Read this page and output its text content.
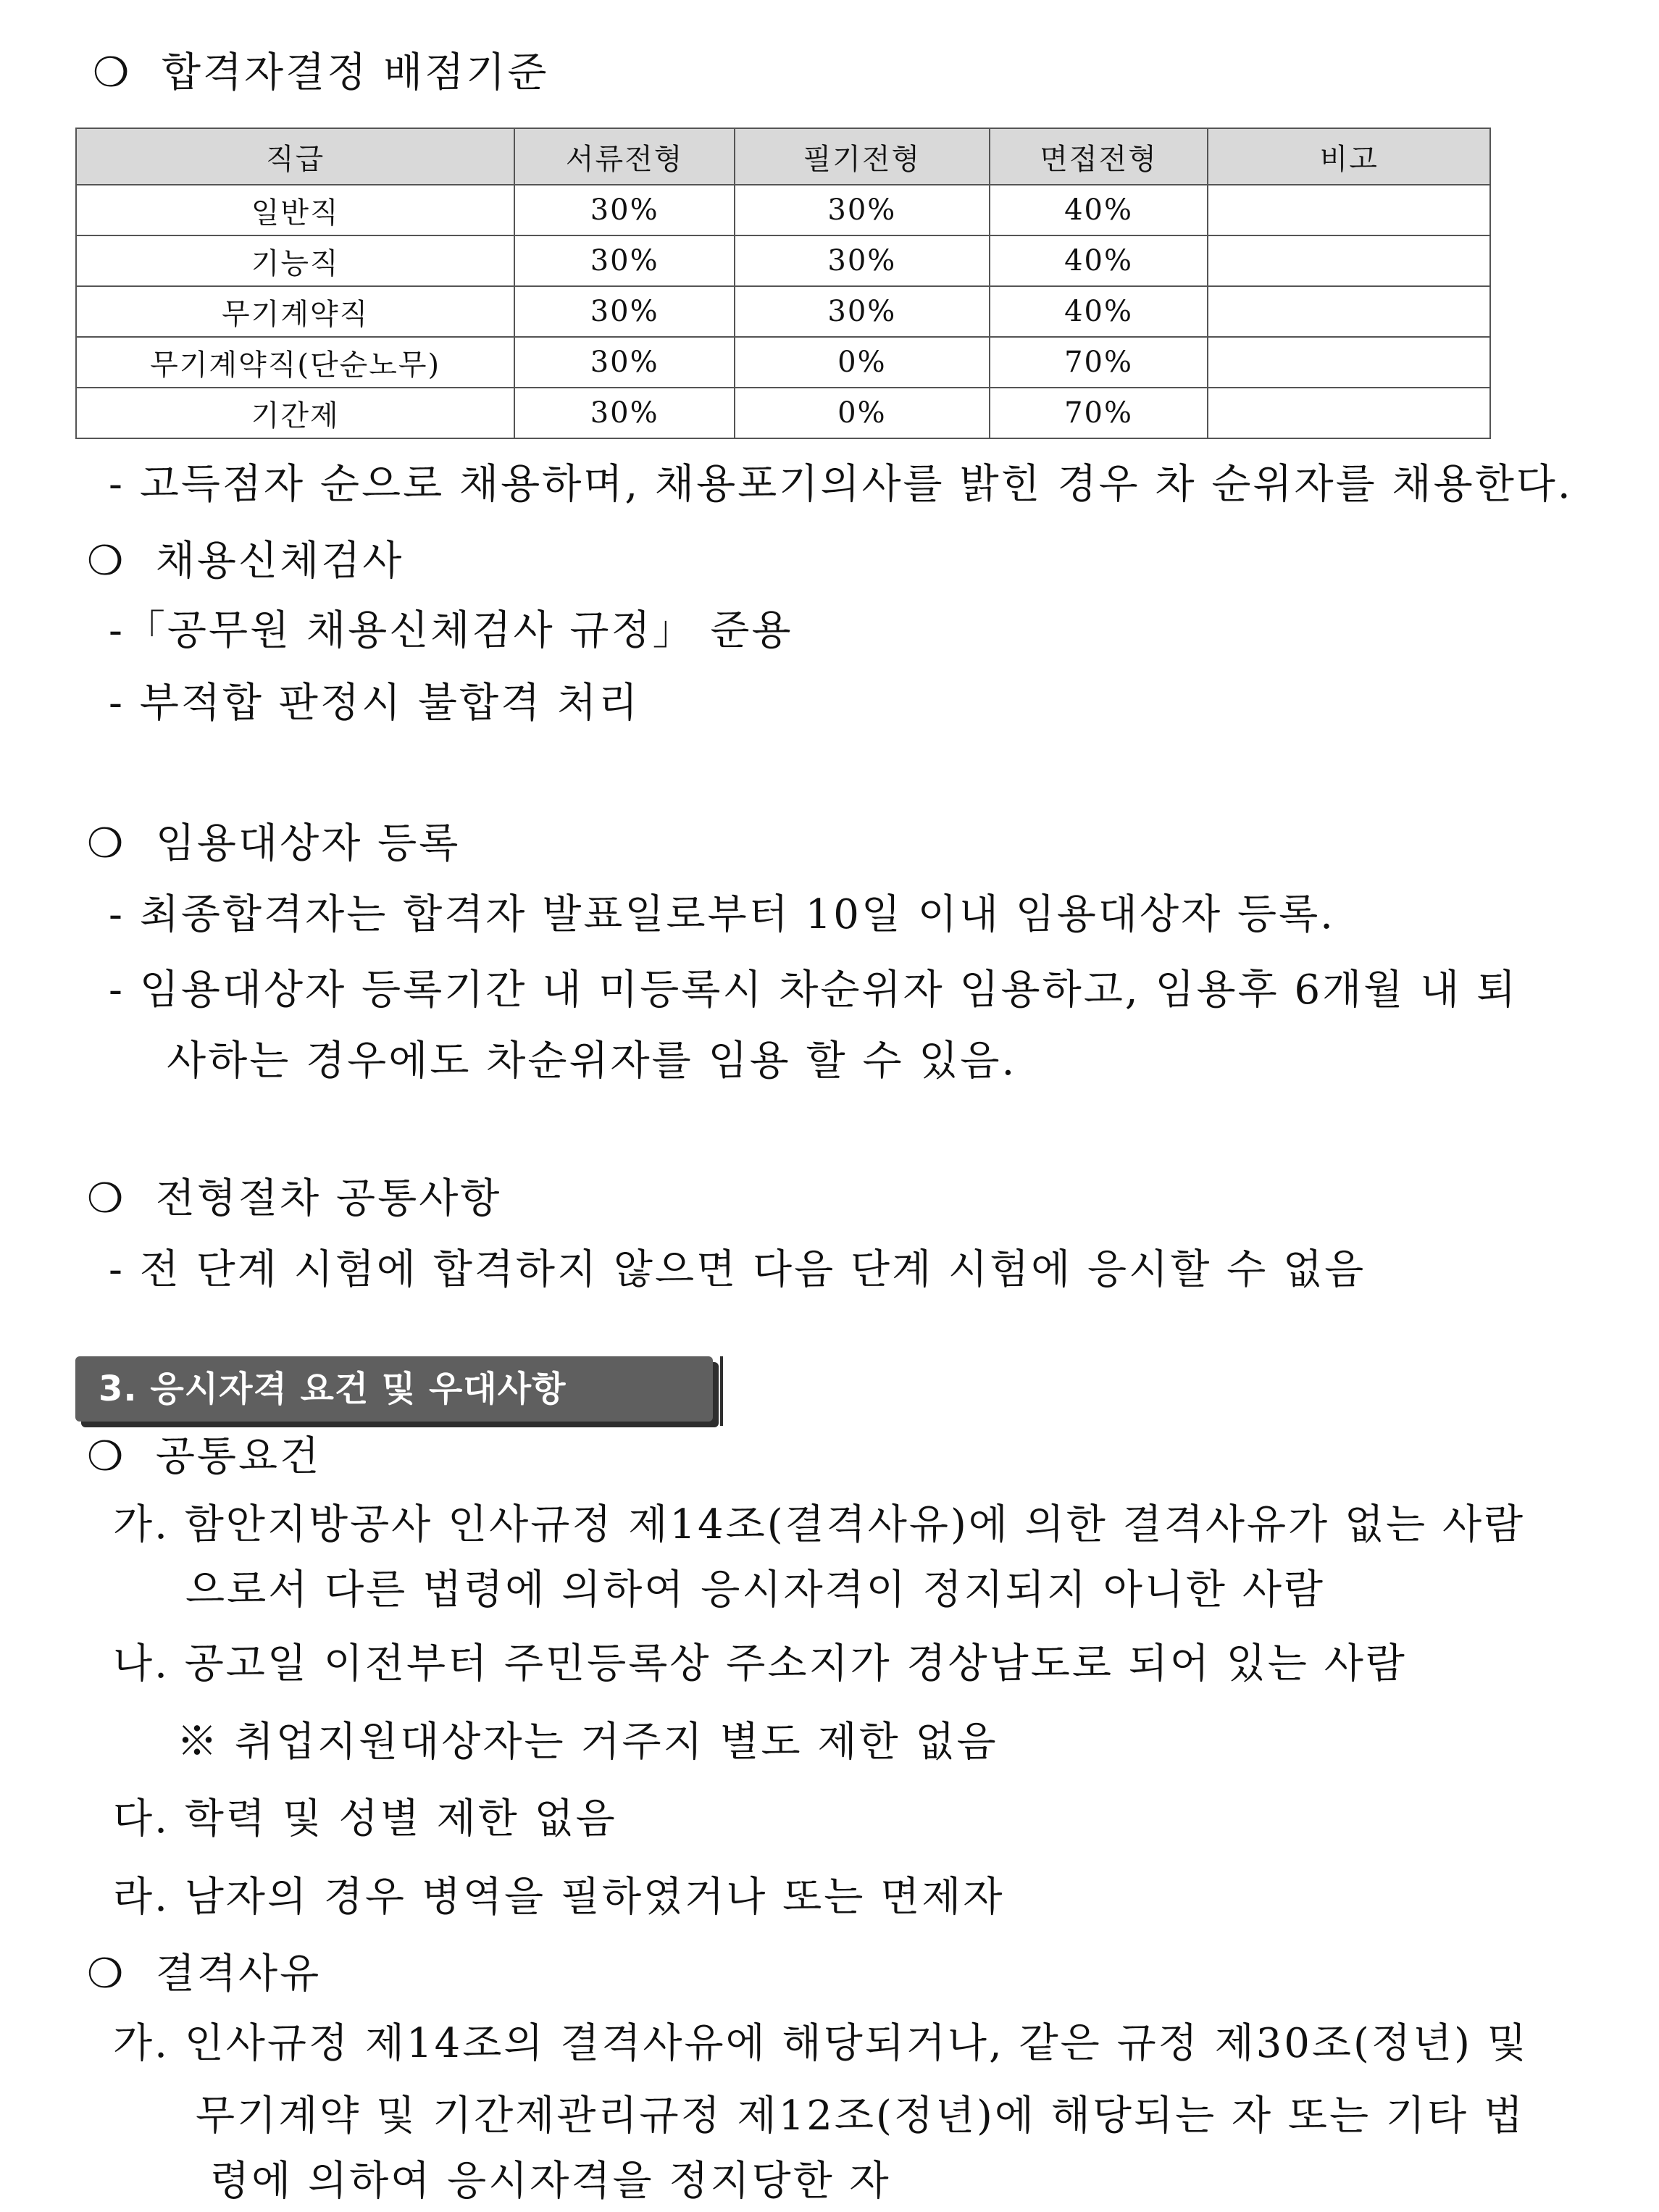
❍ 합격자결정 배점기준
직급	서류전형	필기전형	면접전형	비고
일반직	30%	30%	40%	
기능직	30%	30%	40%	
무기계약직	30%	30%	40%	
무기계약직(단순노무)	30%	0%	70%	
기간제	30%	0%	70%	
- 고득점자 순으로 채용하며, 채용포기의사를 밝힌 경우 차 순위자를 채용한다.
❍ 채용신체검사
-「공무원 채용신체검사 규정」 준용
- 부적합 판정시 불합격 처리
❍ 임용대상자 등록
- 최종합격자는 합격자 발표일로부터 10일 이내 임용대상자 등록.
- 임용대상자 등록기간 내 미등록시 차순위자 임용하고, 임용후 6개월 내 퇴
사하는 경우에도 차순위자를 임용 할 수 있음.
❍ 전형절차 공통사항
- 전 단계 시험에 합격하지 않으면 다음 단계 시험에 응시할 수 없음
3. 응시자격 요건 및 우대사항
❍ 공통요건
가. 함안지방공사 인사규정 제14조(결격사유)에 의한 결격사유가 없는 사람
으로서 다른 법령에 의하여 응시자격이 정지되지 아니한 사람
나. 공고일 이전부터 주민등록상 주소지가 경상남도로 되어 있는 사람
※ 취업지원대상자는 거주지 별도 제한 없음
다. 학력 및 성별 제한 없음
라. 남자의 경우 병역을 필하였거나 또는 면제자
❍ 결격사유
가. 인사규정 제14조의 결격사유에 해당되거나, 같은 규정 제30조(정년) 및
무기계약 및 기간제관리규정 제12조(정년)에 해당되는 자 또는 기타 법
령에 의하여 응시자격을 정지당한 자
